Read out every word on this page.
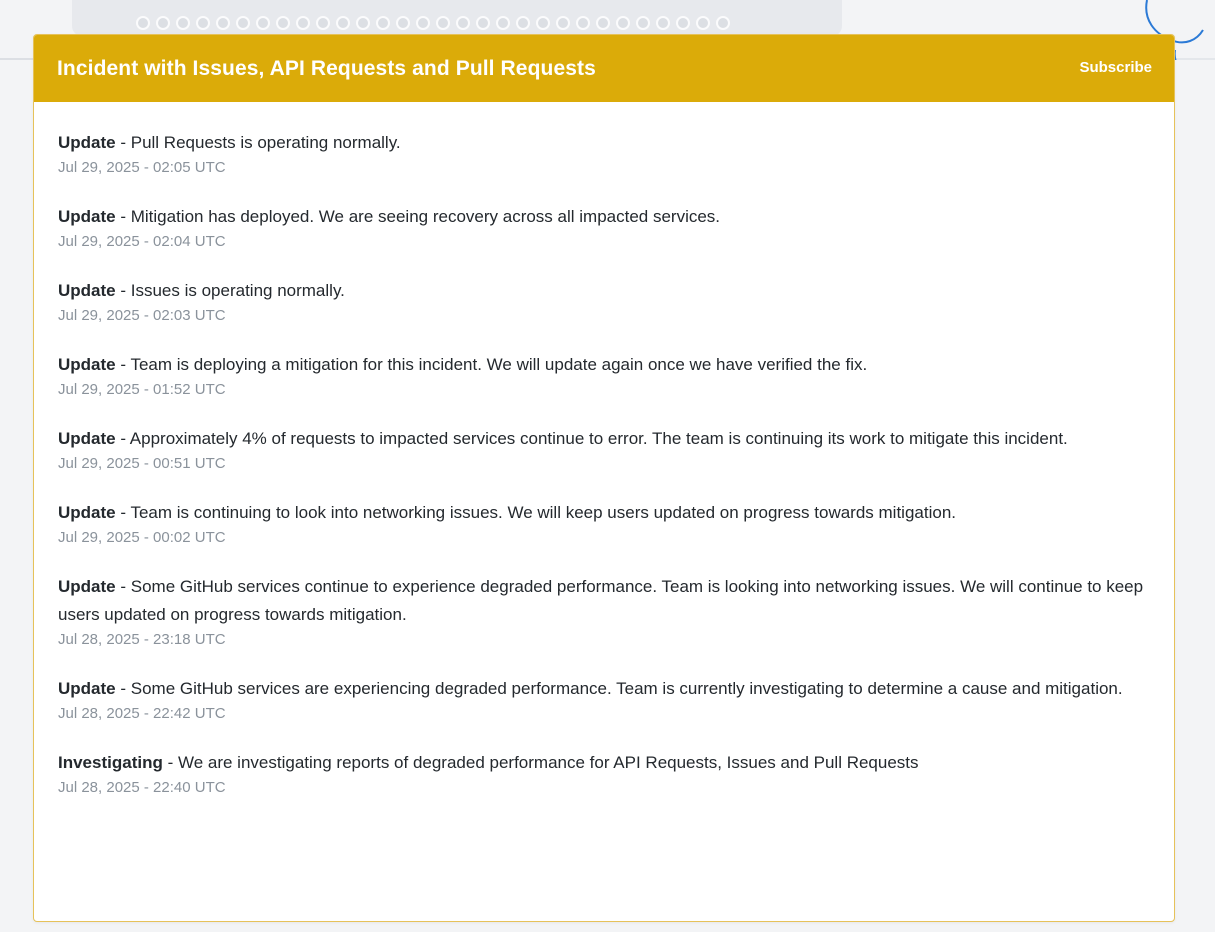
Incident with Issues, API Requests and Pull Requests	Subscribe
Update - Pull Requests is operating normally.
Jul 29, 2025 - 02:05 UTC
Update - Mitigation has deployed. We are seeing recovery across all impacted services.
Jul 29, 2025 - 02:04 UTC
Update - Issues is operating normally.
Jul 29, 2025 - 02:03 UTC
Update - Team is deploying a mitigation for this incident. We will update again once we have verified the fix.
Jul 29, 2025 - 01:52 UTC
Update - Approximately 4% of requests to impacted services continue to error. The team is continuing its work to mitigate this incident.
Jul 29, 2025 - 00:51 UTC
Update - Team is continuing to look into networking issues. We will keep users updated on progress towards mitigation.
Jul 29, 2025 - 00:02 UTC
Update - Some GitHub services continue to experience degraded performance. Team is looking into networking issues. We will continue to keep users updated on progress towards mitigation.
Jul 28, 2025 - 23:18 UTC
Update - Some GitHub services are experiencing degraded performance. Team is currently investigating to determine a cause and mitigation.
Jul 28, 2025 - 22:42 UTC
Investigating - We are investigating reports of degraded performance for API Requests, Issues and Pull Requests
Jul 28, 2025 - 22:40 UTC
